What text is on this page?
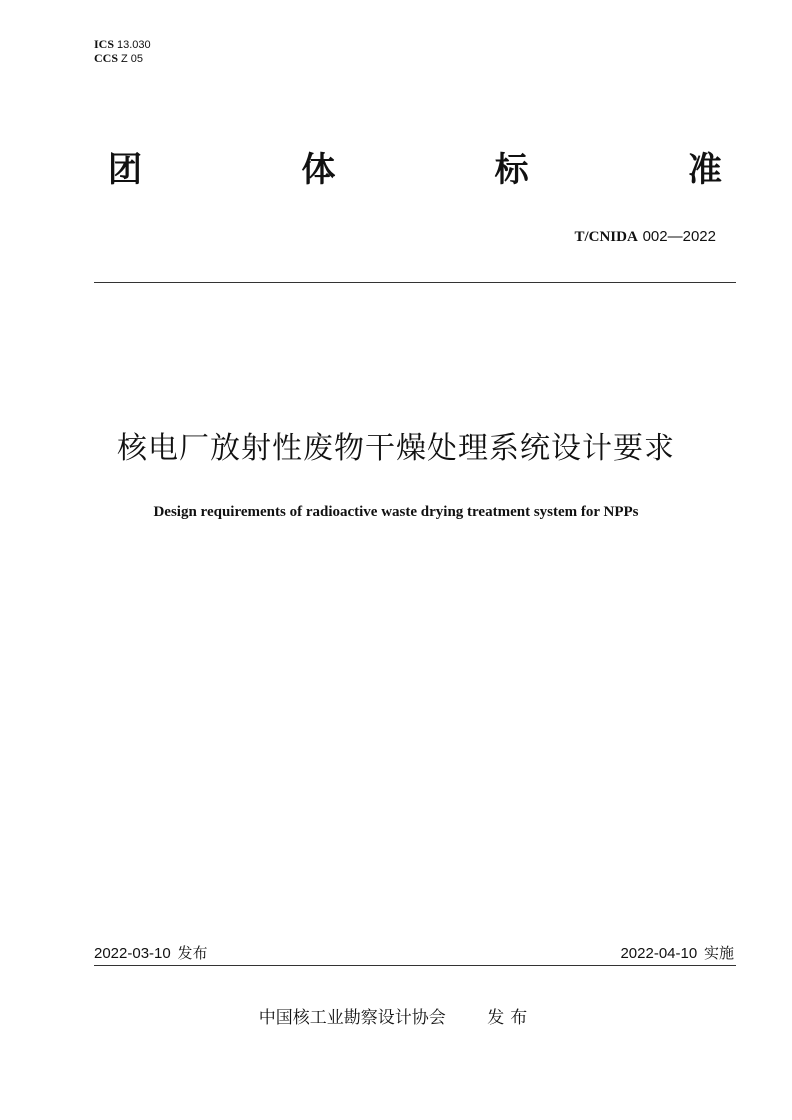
ICS 13.030
CCS Z 05
团	体	标	准
T/CNIDA 002—2022
核电厂放射性废物干燥处理系统设计要求
Design requirements of radioactive waste drying treatment system for NPPs
2022-03-10 发布	2022-04-10 实施
中国核工业勘察设计协会 发布
